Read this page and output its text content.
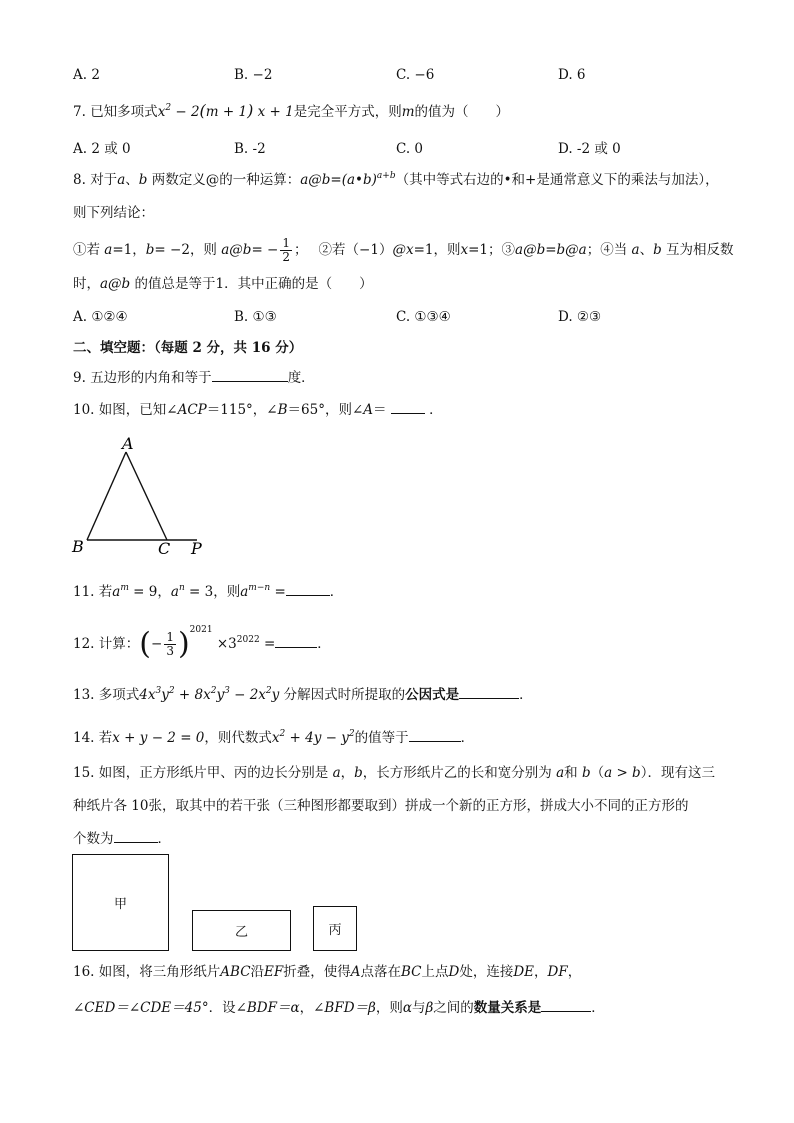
A. 2	B. −2	C. −6	D. 6
7. 已知多项式$x^2 - 2(m + 1) x + 1$是完全平方式，则m的值为（　　）
A. 2 或 0	B. -2	C. 0	D. -2 或 0
8. 对于a、b 两数定义@的一种运算：a@b=(a•b)$^{a+b}$（其中等式右边的•和+是通常意义下的乘法与加法），
则下列结论：
①若 a=1，b= −2，则 a@b= − $\frac{1}{2}$ ；　 ②若（−1）@x=1，则x=1；③a@b=b@a；④当 a、b 互为相反数
时，a@b 的值总是等于1．其中正确的是（　　）
A. ①②④	B. ①③	C. ①③④	D. ②③
二、填空题：（每题 2 分，共 16 分）
9. 五边形的内角和等于	度．
10. 如图，已知∠ACP＝115°，∠B＝65°，则∠A＝	．
A
B	C P
11. 若$a^m = 9$，$a^n = 3$，则$a^{m-n}$ =	．
12. 计算：(− $\frac{1}{3} )^{2021} \times 3^{2022}$ =	．
13. 多项式$4x^3y^2 + 8x^2y^3 - 2x^2y$ 分解因式时所提取的公因式是	．
14. 若x + y − 2 = 0，则代数式$x^2 + 4y - y^2$的值等于	．
15. 如图，正方形纸片甲、丙的边长分别是 a，b，长方形纸片乙的长和宽分别为 a和 b（a > b）．现有这三
种纸片各 10张，取其中的若干张（三种图形都要取到）拼成一个新的正方形，拼成大小不同的正方形的
个数为	．
甲
乙	丙
16. 如图，将三角形纸片ABC沿EF折叠，使得A点落在BC上点D处，连接DE，DF，
∠CED＝∠CDE＝45°．设∠BDF＝α，∠BFD＝β，则α与β之间的数量关系是	．
